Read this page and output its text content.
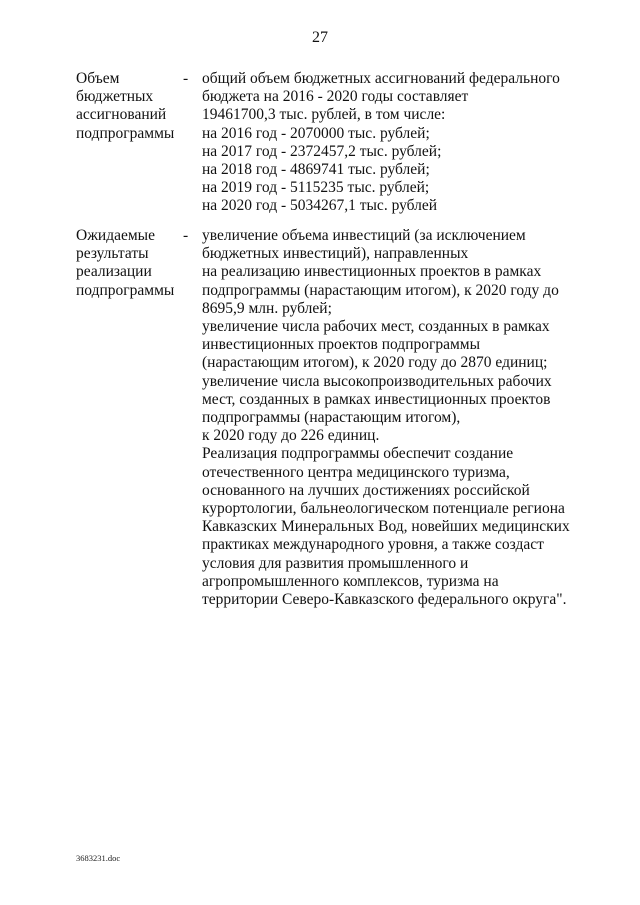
27
Объем
бюджетных
ассигнований
подпрограммы
- общий объем бюджетных ассигнований федерального
бюджета на 2016 - 2020 годы составляет
19461700,3 тыс. рублей, в том числе:
на 2016 год - 2070000 тыс. рублей;
на 2017 год - 2372457,2 тыс. рублей;
на 2018 год - 4869741 тыс. рублей;
на 2019 год - 5115235 тыс. рублей;
на 2020 год - 5034267,1 тыс. рублей
Ожидаемые
результаты
реализации
подпрограммы
- увеличение объема инвестиций (за исключением
бюджетных инвестиций), направленных
на реализацию инвестиционных проектов в рамках
подпрограммы (нарастающим итогом), к 2020 году до
8695,9 млн. рублей;
увеличение числа рабочих мест, созданных в рамках
инвестиционных проектов подпрограммы
(нарастающим итогом), к 2020 году до 2870 единиц;
увеличение числа высокопроизводительных рабочих
мест, созданных в рамках инвестиционных проектов
подпрограммы (нарастающим итогом),
к 2020 году до 226 единиц.
Реализация подпрограммы обеспечит создание
отечественного центра медицинского туризма,
основанного на лучших достижениях российской
курортологии, бальнеологическом потенциале региона
Кавказских Минеральных Вод, новейших медицинских
практиках международного уровня, а также создаст
условия для развития промышленного и
агропромышленного комплексов, туризма на
территории Северо-Кавказского федерального округа".
3683231.doc
